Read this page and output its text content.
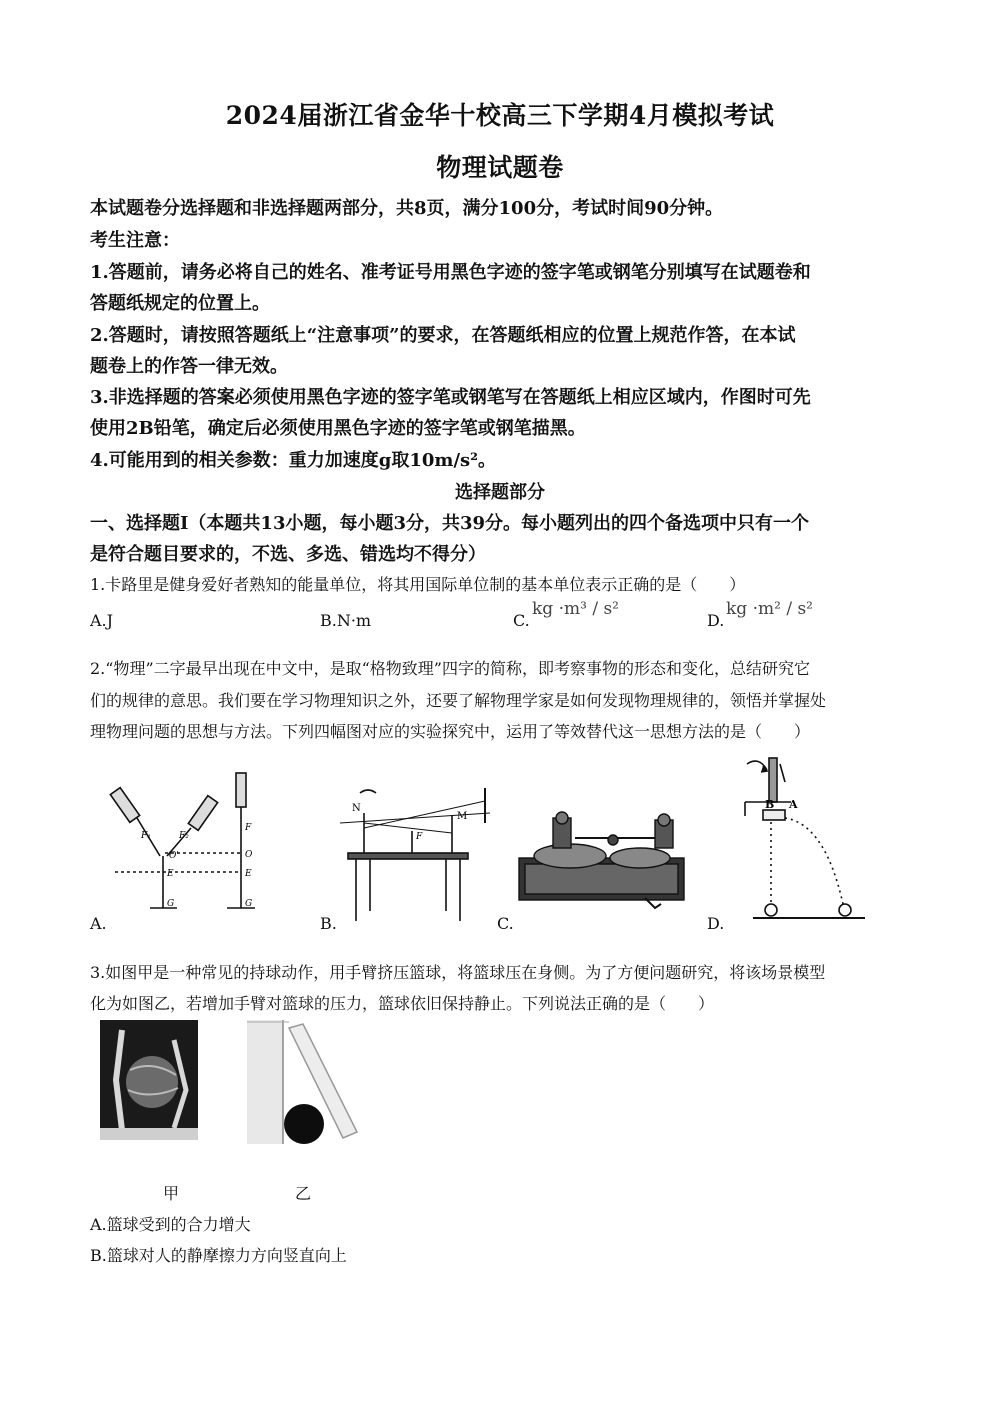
2024届浙江省金华十校高三下学期4月模拟考试
物理试题卷
本试题卷分选择题和非选择题两部分，共8页，满分100分，考试时间90分钟。
考生注意：
1.答题前，请务必将自己的姓名、准考证号用黑色字迹的签字笔或钢笔分别填写在试题卷和
答题纸规定的位置上。
2.答题时，请按照答题纸上“注意事项”的要求，在答题纸相应的位置上规范作答，在本试
题卷上的作答一律无效。
3.非选择题的答案必须使用黑色字迹的签字笔或钢笔写在答题纸上相应区域内，作图时可先
使用2B铅笔，确定后必须使用黑色字迹的签字笔或钢笔描黑。
4.可能用到的相关参数：重力加速度g取10m/s²。
选择题部分
一、选择题Ⅰ（本题共13小题，每小题3分，共39分。每小题列出的四个备选项中只有一个
是符合题目要求的，不选、多选、错选均不得分）
1.卡路里是健身爱好者熟知的能量单位，将其用国际单位制的基本单位表示正确的是（　　）
A.J	B.N·m	C.
kg ·m³ / s²
D.
kg ·m² / s²
2.“物理”二字最早出现在中文中，是取“格物致理”四字的简称，即考察事物的形态和变化，总结研究它
们的规律的意思。我们要在学习物理知识之外，还要了解物理学家是如何发现物理规律的，领悟并掌握处
理物理问题的思想与方法。下列四幅图对应的实验探究中，运用了等效替代这一思想方法的是（　　）
F₁	F₂
F
O'	O
E	E
G	G
A.
N
M
F
B.	C.
B A
D.
3.如图甲是一种常见的持球动作，用手臂挤压篮球，将篮球压在身侧。为了方便问题研究，将该场景模型
化为如图乙，若增加手臂对篮球的压力，篮球依旧保持静止。下列说法正确的是（　　）
甲	乙
A.篮球受到的合力增大
B.篮球对人的静摩擦力方向竖直向上
